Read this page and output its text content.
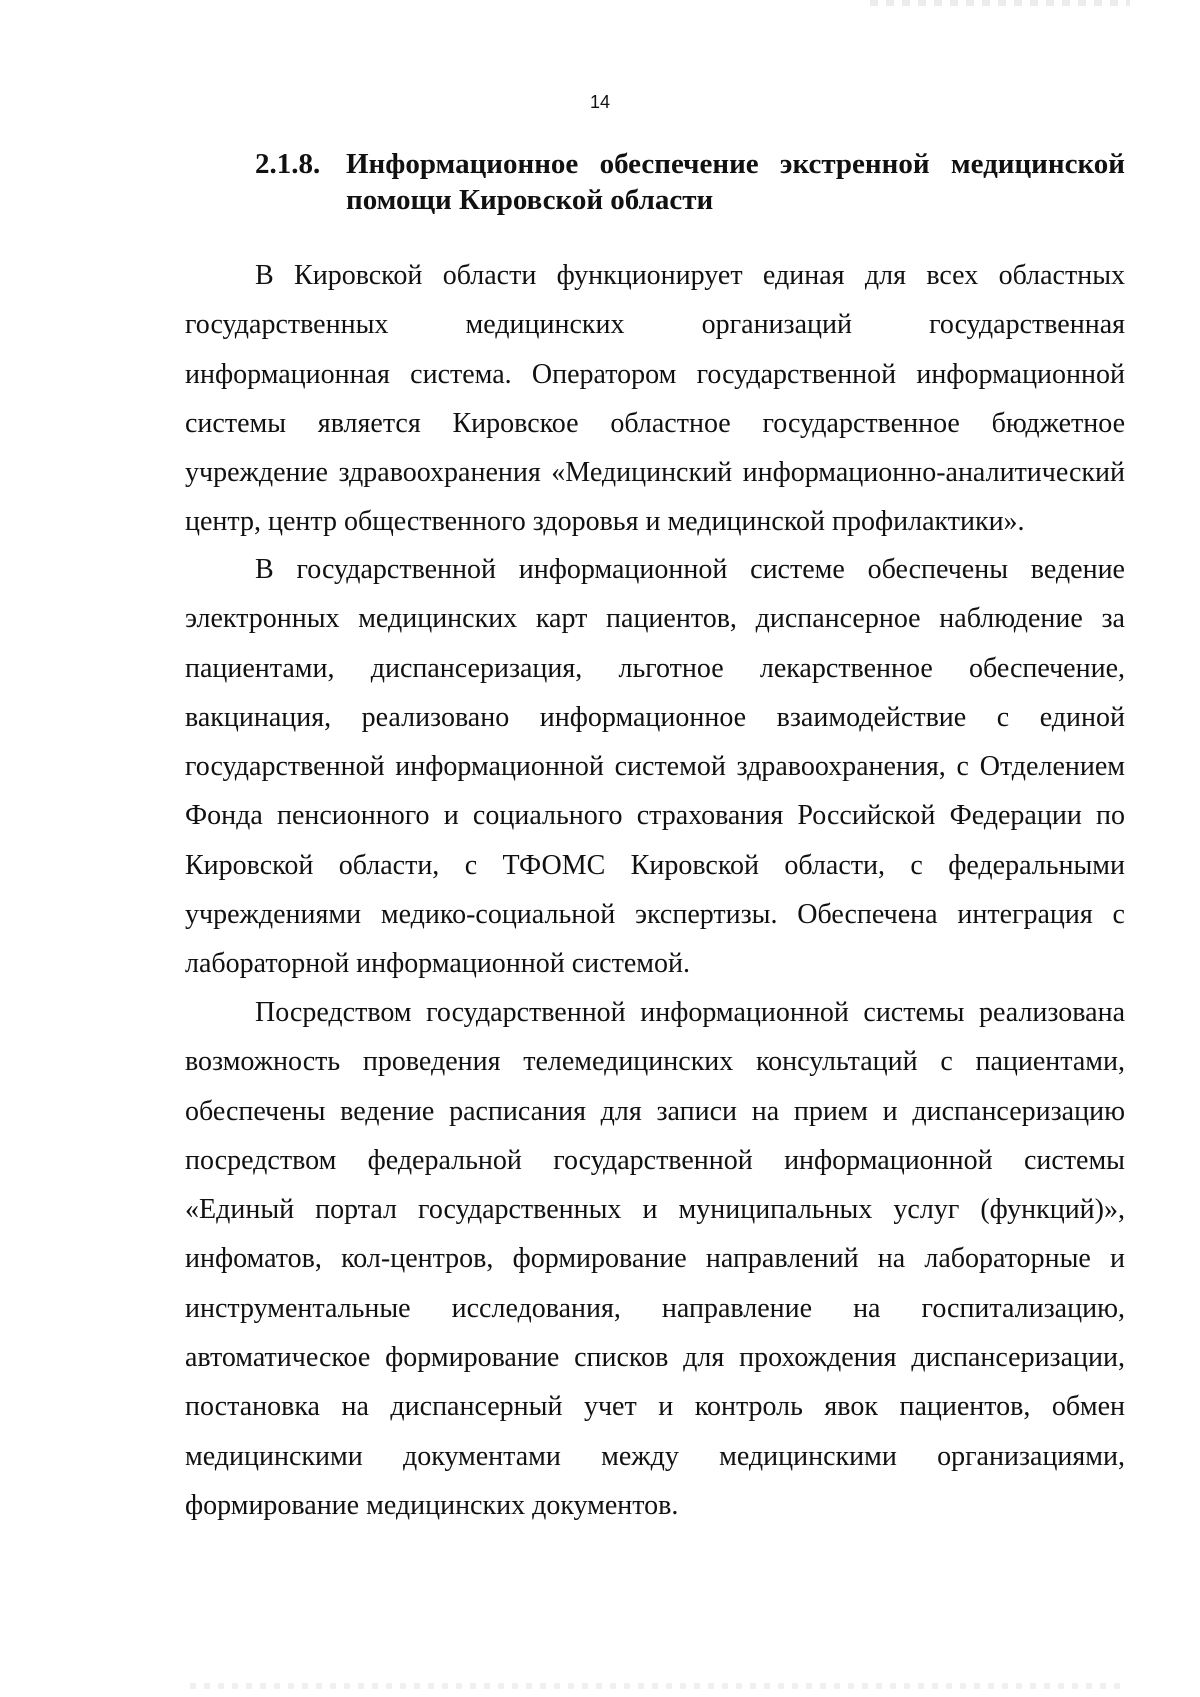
14
2.1.8. Информационное обеспечение экстренной медицинской помощи Кировской области

В Кировской области функционирует единая для всех областных государственных медицинских организаций государственная информационная система. Оператором государственной информационной системы является Кировское областное государственное бюджетное учреждение здравоохранения «Медицинский информационно-аналитический центр, центр общественного здоровья и медицинской профилактики».

В государственной информационной системе обеспечены ведение электронных медицинских карт пациентов, диспансерное наблюдение за пациентами, диспансеризация, льготное лекарственное обеспечение, вакцинация, реализовано информационное взаимодействие с единой государственной информационной системой здравоохранения, с Отделением Фонда пенсионного и социального страхования Российской Федерации по Кировской области, с ТФОМС Кировской области, с федеральными учреждениями медико-социальной экспертизы. Обеспечена интеграция с лабораторной информационной системой.

Посредством государственной информационной системы реализована возможность проведения телемедицинских консультаций с пациентами, обеспечены ведение расписания для записи на прием и диспансеризацию посредством федеральной государственной информационной системы «Единый портал государственных и муниципальных услуг (функций)», инфоматов, кол-центров, формирование направлений на лабораторные и инструментальные исследования, направление на госпитализацию, автоматическое формирование списков для прохождения диспансеризации, постановка на диспансерный учет и контроль явок пациентов, обмен медицинскими документами между медицинскими организациями, формирование медицинских документов.
